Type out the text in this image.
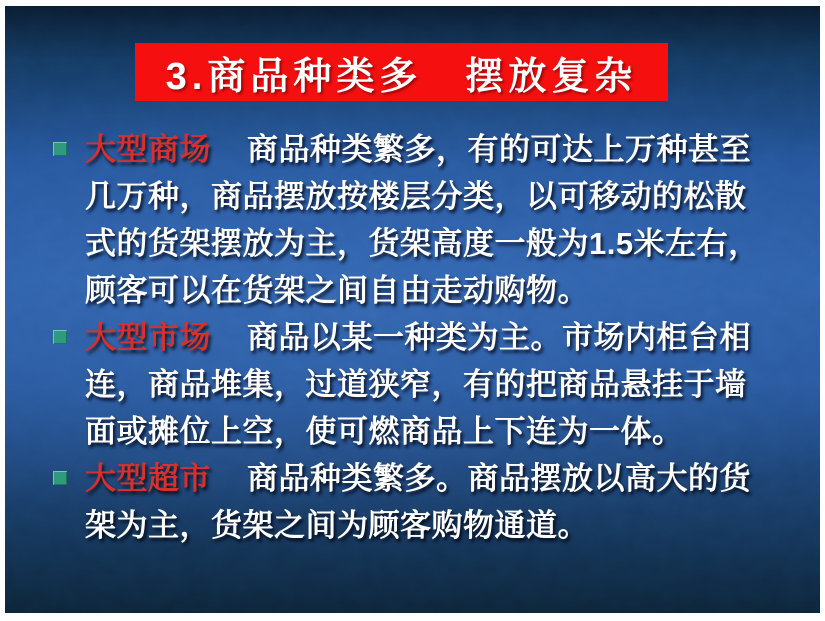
3.商品种类多　摆放复杂
大型商场 商品种类繁多，有的可达上万种甚至
几万种，商品摆放按楼层分类，以可移动的松散
式的货架摆放为主，货架高度一般为1.5米左右，
顾客可以在货架之间自由走动购物。
大型市场 商品以某一种类为主。市场内柜台相
连，商品堆集，过道狭窄，有的把商品悬挂于墙
面或摊位上空，使可燃商品上下连为一体。
大型超市 商品种类繁多。商品摆放以高大的货
架为主，货架之间为顾客购物通道。
